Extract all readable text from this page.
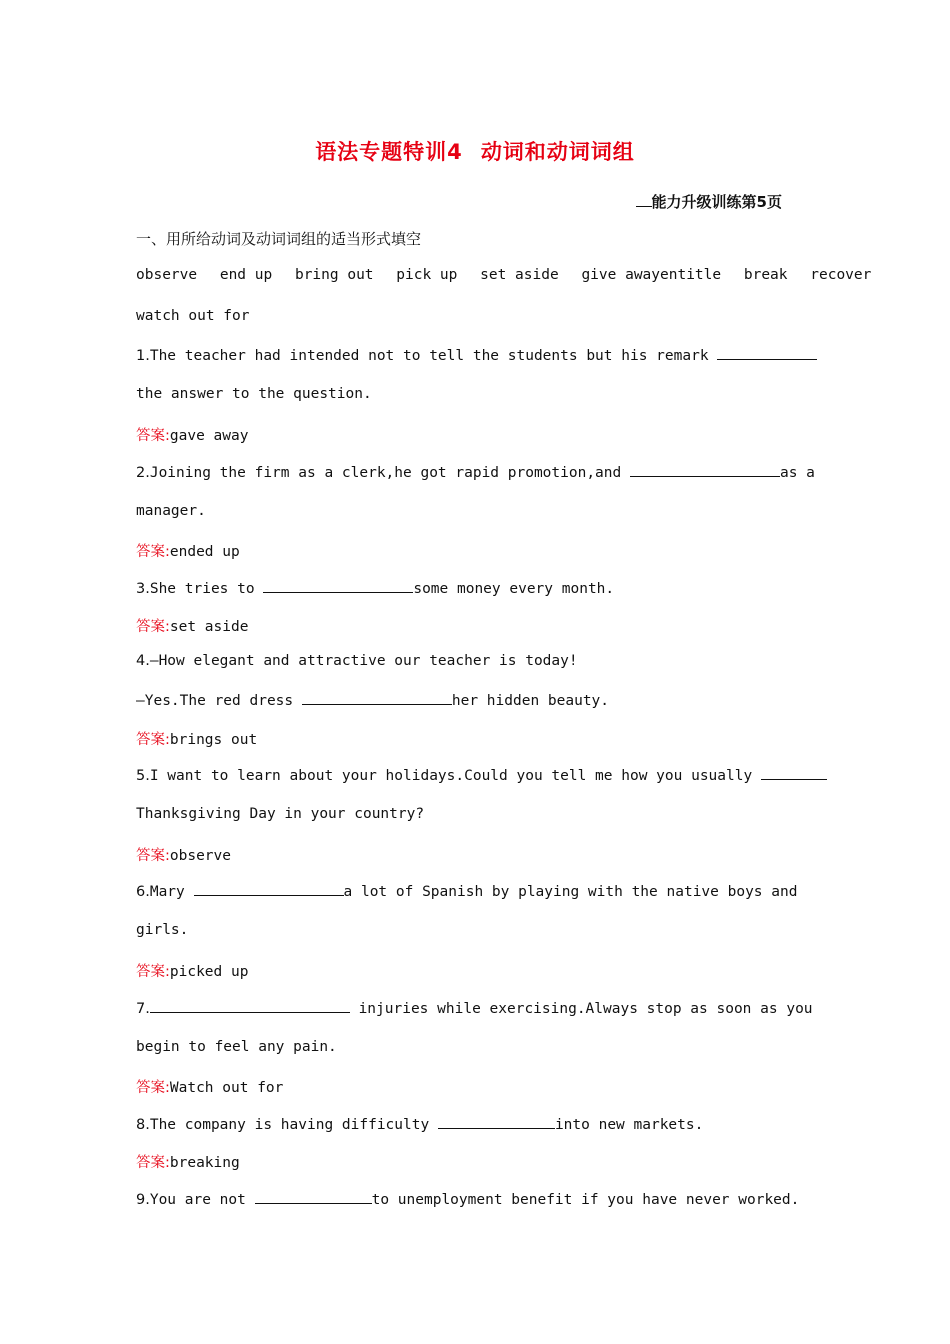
语法专题特训4 动词和动词词组
能力升级训练第5页
一、用所给动词及动词词组的适当形式填空
observe end up bring out pick up set aside give awayentitle break recover
watch out for
1.The teacher had intended not to tell the students but his remark
the answer to the question.
答案:gave away
2.Joining the firm as a clerk,he got rapid promotion,and	as a
manager.
答案:ended up
3.She tries to	some money every month.
答案:set aside
4.—How elegant and attractive our teacher is today!
—Yes.The red dress	her hidden beauty.
答案:brings out
5.I want to learn about your holidays.Could you tell me how you usually
Thanksgiving Day in your country?
答案:observe
6.Mary	a lot of Spanish by playing with the native boys and
girls.
答案:picked up
7.	injuries while exercising.Always stop as soon as you
begin to feel any pain.
答案:Watch out for
8.The company is having difficulty	into new markets.
答案:breaking
9.You are not	to unemployment benefit if you have never worked.
